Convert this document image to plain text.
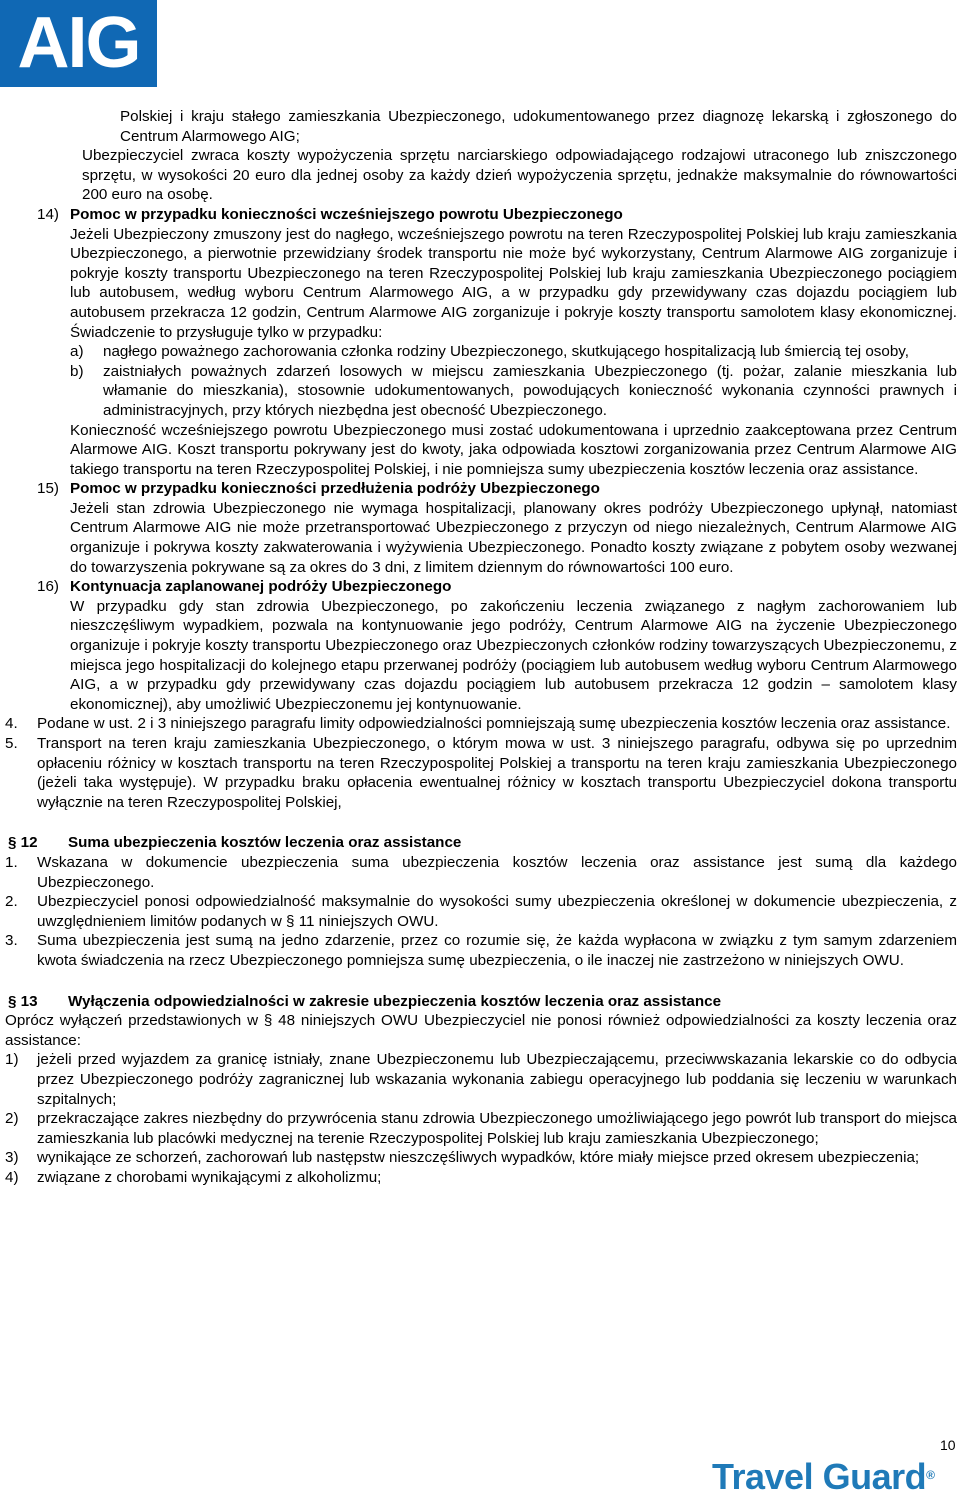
AIG
Polskiej i kraju stałego zamieszkania Ubezpieczonego, udokumentowanego przez diagnozę lekarską i zgłoszonego do Centrum Alarmowego AIG;
Ubezpieczyciel zwraca koszty wypożyczenia sprzętu narciarskiego odpowiadającego rodzajowi utraconego lub zniszczonego sprzętu, w wysokości 20 euro dla jednej osoby za każdy dzień wypożyczenia sprzętu, jednakże maksymalnie do równowartości 200 euro na osobę.
14) Pomoc w przypadku konieczności wcześniejszego powrotu Ubezpieczonego
Jeżeli Ubezpieczony zmuszony jest do nagłego, wcześniejszego powrotu na teren Rzeczypospolitej Polskiej lub kraju zamieszkania Ubezpieczonego, a pierwotnie przewidziany środek transportu nie może być wykorzystany, Centrum Alarmowe AIG zorganizuje i pokryje koszty transportu Ubezpieczonego na teren Rzeczypospolitej Polskiej lub kraju zamieszkania Ubezpieczonego pociągiem lub autobusem, według wyboru Centrum Alarmowego AIG, a w przypadku gdy przewidywany czas dojazdu pociągiem lub autobusem przekracza 12 godzin, Centrum Alarmowe AIG zorganizuje i pokryje koszty transportu samolotem klasy ekonomicznej. Świadczenie to przysługuje tylko w przypadku:
a)	nagłego poważnego zachorowania członka rodziny Ubezpieczonego, skutkującego hospitalizacją lub śmiercią tej osoby,
b)	zaistniałych poważnych zdarzeń losowych w miejscu zamieszkania Ubezpieczonego (tj. pożar, zalanie mieszkania lub włamanie do mieszkania), stosownie udokumentowanych, powodujących konieczność wykonania czynności prawnych i administracyjnych, przy których niezbędna jest obecność Ubezpieczonego.
Konieczność wcześniejszego powrotu Ubezpieczonego musi zostać udokumentowana i uprzednio zaakceptowana przez Centrum Alarmowe AIG. Koszt transportu pokrywany jest do kwoty, jaka odpowiada kosztowi zorganizowania przez Centrum Alarmowe AIG takiego transportu na teren Rzeczypospolitej Polskiej, i nie pomniejsza sumy ubezpieczenia kosztów leczenia oraz assistance.
15) Pomoc w przypadku konieczności przedłużenia podróży Ubezpieczonego
Jeżeli stan zdrowia Ubezpieczonego nie wymaga hospitalizacji, planowany okres podróży Ubezpieczonego upłynął, natomiast Centrum Alarmowe AIG nie może przetransportować Ubezpieczonego z przyczyn od niego niezależnych, Centrum Alarmowe AIG organizuje i pokrywa koszty zakwaterowania i wyżywienia Ubezpieczonego. Ponadto koszty związane z pobytem osoby wezwanej do towarzyszenia pokrywane są za okres do 3 dni, z limitem dziennym do równowartości 100 euro.
16) Kontynuacja zaplanowanej podróży Ubezpieczonego
W przypadku gdy stan zdrowia Ubezpieczonego, po zakończeniu leczenia związanego z nagłym zachorowaniem lub nieszczęśliwym wypadkiem, pozwala na kontynuowanie jego podróży, Centrum Alarmowe AIG na życzenie Ubezpieczonego organizuje i pokryje koszty transportu Ubezpieczonego oraz Ubezpieczonych członków rodziny towarzyszących Ubezpieczonemu, z miejsca jego hospitalizacji do kolejnego etapu przerwanej podróży (pociągiem lub autobusem według wyboru Centrum Alarmowego AIG, a w przypadku gdy przewidywany czas dojazdu pociągiem lub autobusem przekracza 12 godzin – samolotem klasy ekonomicznej), aby umożliwić Ubezpieczonemu jej kontynuowanie.
4.	Podane w ust. 2 i 3 niniejszego paragrafu limity odpowiedzialności pomniejszają sumę ubezpieczenia kosztów leczenia oraz assistance.
5.	Transport na teren kraju zamieszkania Ubezpieczonego, o którym mowa w ust. 3 niniejszego paragrafu, odbywa się po uprzednim opłaceniu różnicy w kosztach transportu na teren Rzeczypospolitej Polskiej a transportu na teren kraju zamieszkania Ubezpieczonego (jeżeli taka występuje). W przypadku braku opłacenia ewentualnej różnicy w kosztach transportu Ubezpieczyciel dokona transportu wyłącznie na teren Rzeczypospolitej Polskiej,
§ 12	Suma ubezpieczenia kosztów leczenia oraz assistance
1.	Wskazana w dokumencie ubezpieczenia suma ubezpieczenia kosztów leczenia oraz assistance jest sumą dla każdego Ubezpieczonego.
2.	Ubezpieczyciel ponosi odpowiedzialność maksymalnie do wysokości sumy ubezpieczenia określonej w dokumencie ubezpieczenia, z uwzględnieniem limitów podanych w § 11 niniejszych OWU.
3.	Suma ubezpieczenia jest sumą na jedno zdarzenie, przez co rozumie się, że każda wypłacona w związku z tym samym zdarzeniem kwota świadczenia na rzecz Ubezpieczonego pomniejsza sumę ubezpieczenia, o ile inaczej nie zastrzeżono w niniejszych OWU.
§ 13	Wyłączenia odpowiedzialności w zakresie ubezpieczenia kosztów leczenia oraz assistance
Oprócz wyłączeń przedstawionych w § 48 niniejszych OWU Ubezpieczyciel nie ponosi również odpowiedzialności za koszty leczenia oraz assistance:
1)	jeżeli przed wyjazdem za granicę istniały, znane Ubezpieczonemu lub Ubezpieczającemu, przeciwwskazania lekarskie co do odbycia przez Ubezpieczonego podróży zagranicznej lub wskazania wykonania zabiegu operacyjnego lub poddania się leczeniu w warunkach szpitalnych;
2)	przekraczające zakres niezbędny do przywrócenia stanu zdrowia Ubezpieczonego umożliwiającego jego powrót lub transport do miejsca zamieszkania lub placówki medycznej na terenie Rzeczypospolitej Polskiej lub kraju zamieszkania Ubezpieczonego;
3)	wynikające ze schorzeń, zachorowań lub następstw nieszczęśliwych wypadków, które miały miejsce przed okresem ubezpieczenia;
4)	związane z chorobami wynikającymi z alkoholizmu;
10
Travel Guard®
